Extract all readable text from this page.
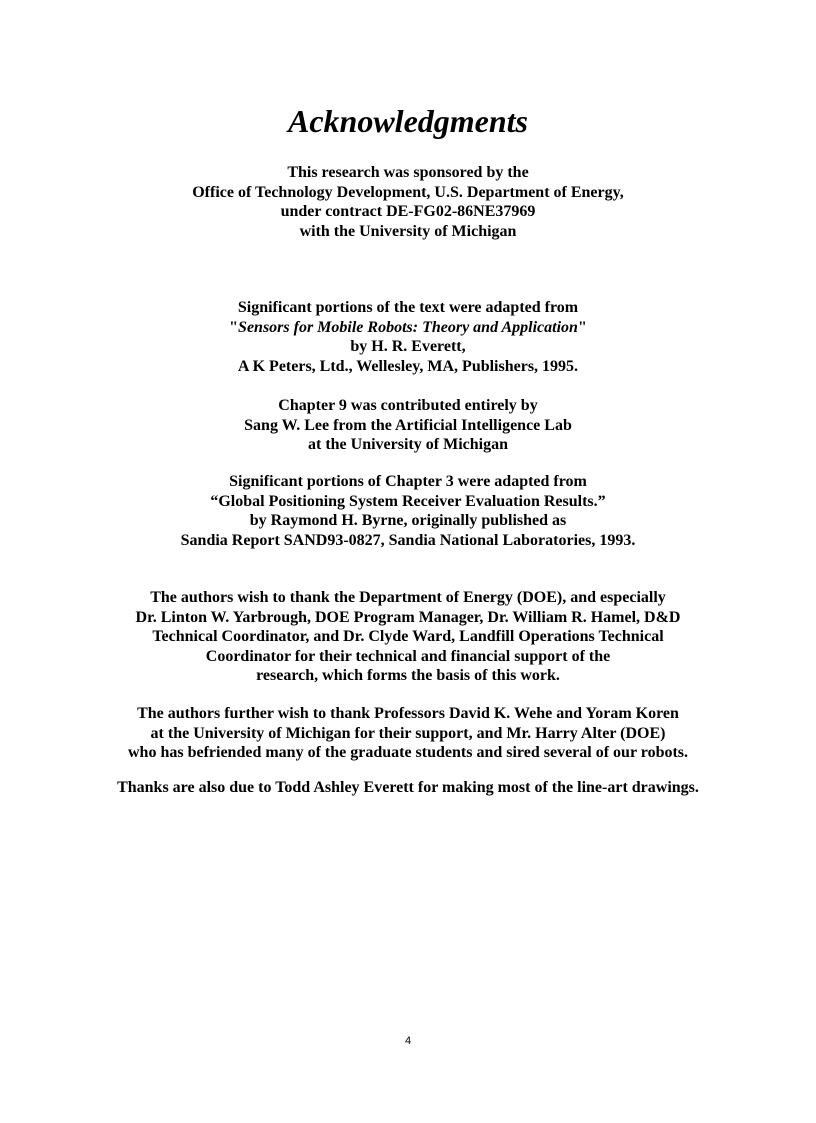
Acknowledgments
This research was sponsored by the
Office of Technology Development, U.S. Department of Energy,
under contract DE-FG02-86NE37969
with the University of Michigan
Significant portions of the text were adapted from
"Sensors for Mobile Robots: Theory and Application"
by H. R. Everett,
A K Peters, Ltd., Wellesley, MA, Publishers, 1995.
Chapter 9 was contributed entirely by
Sang W. Lee from the Artificial Intelligence Lab
at the University of Michigan
Significant portions of Chapter 3 were adapted from
“Global Positioning System Receiver Evaluation Results.”
by Raymond H. Byrne, originally published as
Sandia Report SAND93-0827, Sandia National Laboratories, 1993.
The authors wish to thank the Department of Energy (DOE), and especially
Dr. Linton W. Yarbrough, DOE Program Manager, Dr. William R. Hamel, D&D
Technical Coordinator, and Dr. Clyde Ward, Landfill Operations Technical
Coordinator for their technical and financial support of the
research, which forms the basis of this work.
The authors further wish to thank Professors David K. Wehe and Yoram Koren
at the University of Michigan for their support, and Mr. Harry Alter (DOE)
who has befriended many of the graduate students and sired several of our robots.
Thanks are also due to Todd Ashley Everett for making most of the line-art drawings.
4
